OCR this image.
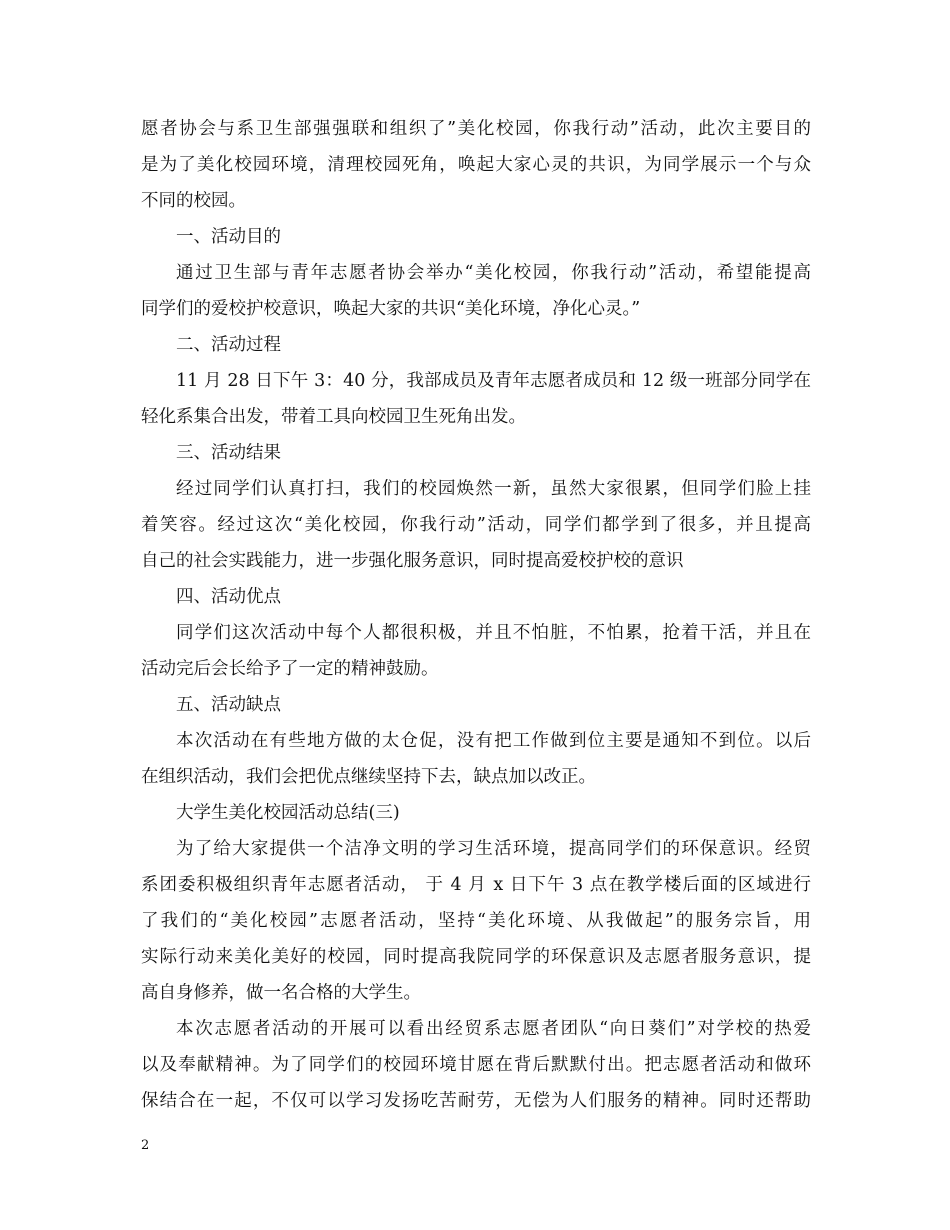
愿者协会与系卫生部强强联和组织了”美化校园，你我行动”活动，此次主要目的
是为了美化校园环境，清理校园死角，唤起大家心灵的共识，为同学展示一个与众
不同的校园。
一、活动目的
通过卫生部与青年志愿者协会举办“美化校园，你我行动”活动，希望能提高
同学们的爱校护校意识，唤起大家的共识“美化环境，净化心灵。”
二、活动过程
11 月 28 日下午 3：40 分，我部成员及青年志愿者成员和 12 级一班部分同学在
轻化系集合出发，带着工具向校园卫生死角出发。
三、活动结果
经过同学们认真打扫，我们的校园焕然一新，虽然大家很累，但同学们脸上挂
着笑容。经过这次“美化校园，你我行动”活动，同学们都学到了很多，并且提高
自己的社会实践能力，进一步强化服务意识，同时提高爱校护校的意识
四、活动优点
同学们这次活动中每个人都很积极，并且不怕脏，不怕累，抢着干活，并且在
活动完后会长给予了一定的精神鼓励。
五、活动缺点
本次活动在有些地方做的太仓促，没有把工作做到位主要是通知不到位。以后
在组织活动，我们会把优点继续坚持下去，缺点加以改正。
大学生美化校园活动总结(三)
为了给大家提供一个洁净文明的学习生活环境，提高同学们的环保意识。经贸
系团委积极组织青年志愿者活动， 于 4 月 x 日下午 3 点在教学楼后面的区域进行
了我们的“美化校园”志愿者活动，坚持“美化环境、从我做起”的服务宗旨，用
实际行动来美化美好的校园，同时提高我院同学的环保意识及志愿者服务意识，提
高自身修养，做一名合格的大学生。
本次志愿者活动的开展可以看出经贸系志愿者团队“向日葵们”对学校的热爱
以及奉献精神。为了同学们的校园环境甘愿在背后默默付出。把志愿者活动和做环
保结合在一起，不仅可以学习发扬吃苦耐劳，无偿为人们服务的精神。同时还帮助
2
